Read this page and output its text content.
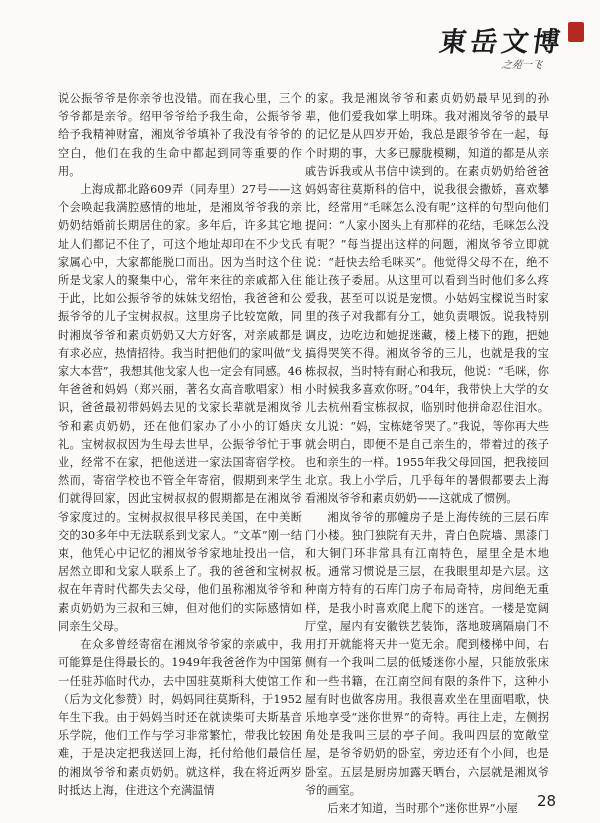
東岳文博
之苑一飞

说公振爷爷是你亲爷也没错。而在我心里，三个爷爷都是亲爷。绍甲爷爷给予我生命，公振爷爷给予我精神财富，湘岚爷爷填补了我没有爷爷的空白，他们在我的生命中都起到同等重要的作用。

上海成都北路609弄（同寿里）27号——这个会唤起我满腔感情的地址，是湘岚爷爷我的亲奶奶结婚前长期居住的家。多年后，许多其它地址人们都记不住了，可这个地址却印在不少戈氏家属心中，大家都能脱口而出。因为当时这个住所是戈家人的聚集中心，常年来往的亲戚都入住于此，比如公振爷爷的妹妹戈绍怡，我爸爸和公振爷爷的儿子宝树叔叔。这里房子比较宽敞，同时湘岚爷爷和素贞奶奶又大方好客，对亲戚都是有求必应，热情招待。我当时把他们的家叫做“戈家大本营”，我想其他戈家人也一定会有同感。46年爸爸和妈妈（郑兴丽，著名女高音歌唱家）相识，爸爸最初带妈妈去见的戈家长辈就是湘岚爷爷和素贞奶奶，还在他们家办了小小的订婚庆礼。宝树叔叔因为生母去世早，公振爷爷忙于事业，经常不在家，把他送进一家法国寄宿学校。然而，寄宿学校也不管全年寄宿，假期到来学生们就得回家，因此宝树叔叔的假期都是在湘岚爷爷家度过的。宝树叔叔很早移民美国，在中美断交的30多年中无法联系到戈家人。“文革”刚一结束，他凭心中记忆的湘岚爷爷家地址投出一信，居然立即和戈家人联系上了。我的爸爸和宝树叔叔在年青时代都失去父母，他们虽称湘岚爷爷和素贞奶奶为三叔和三婶，但对他们的实际感情如同亲生父母。

在众多曾经寄宿在湘岚爷爷家的亲戚中，我可能算是住得最长的。1949年我爸爸作为中国第一任驻苏临时代办，去中国驻莫斯科大使馆工作（后为文化参赞）时，妈妈同往莫斯科，于1952年生下我。由于妈妈当时还在就读柴可夫斯基音乐学院，他们工作与学习非常繁忙，带我比较困难，于是决定把我送回上海，托付给他们最信任的湘岚爷爷和素贞奶奶。就这样，我在将近两岁时抵达上海，住进这个充满温情

的家。我是湘岚爷爷和素贞奶奶最早见到的孙辈，他们爱我如掌上明珠。我对湘岚爷爷的最早的记忆是从四岁开始，我总是跟爷爷在一起，每个时期的事，大多已朦胧模糊，知道的都是从亲戚告诉我或从书信中读到的。在素贞奶奶给爸爸妈妈寄往莫斯科的信中，说我很会撒娇，喜欢攀比，经常用“毛咪怎么没有呢”这样的句型向他们提问：“人家小囡头上有那样的花结，毛咪怎么没有呢？”每当提出这样的问题，湘岚爷爷立即就说：“赶快去给毛咪买”。他觉得父母不在，绝不能让孩子委屈。从这里可以看到当时他们多么疼爱我，甚至可以说是宠惯。小姑妈宝樑说当时家里的孩子对我都有分工，她负责喂饭。说我特别调皮，边吃边和她捉迷藏，楼上楼下的跑，把她搞得哭笑不得。湘岚爷爷的三儿，也就是我的宝栋叔叔，当时特有耐心和我玩，他说：“毛咪，你小时候我多喜欢你呀。”04年，我带快上大学的女儿去杭州看宝栋叔叔，临别时他拼命忍住泪水。女儿说：“妈，宝栋姥爷哭了。”我说，等你再大些就会明白，即便不是自己亲生的，带着过的孩子也和亲生的一样。1955年我父母回国，把我接回北京。我上小学后，几乎每年的暑假都要去上海看湘岚爷爷和素贞奶奶——这就成了惯例。

湘岚爷爷的那幢房子是上海传统的三层石库门小楼。独门独院有天井，青白色院墙、黑漆门和大铜门环非常具有江南特色，屋里全是木地板。通常习惯说是三层，在我眼里却是六层。这种南方特有的石库门房子布局奇特，房间绝无重样，是我小时喜欢爬上爬下的迷宫。一楼是宽阔厅堂，屋内有安徽铁艺装饰，落地玻璃隔扇门不用打开就能将天井一览无余。爬到楼梯中间，右侧有一个我叫二层的低矮迷你小屋，只能放张床和一些书籍，在江南空间有限的条件下，这种小屋有时也做客房用。我很喜欢坐在里面唱歌，快乐地享受“迷你世界”的奇特。再往上走，左侧拐角处是我叫三层的亭子间。我叫四层的宽敞堂屋，是爷爷奶奶的卧室，旁边还有个小间，也是卧室。五层是厨房加露天晒台，六层就是湘岚爷爷的画室。

后来才知道，当时那个“迷你世界”小屋	28
